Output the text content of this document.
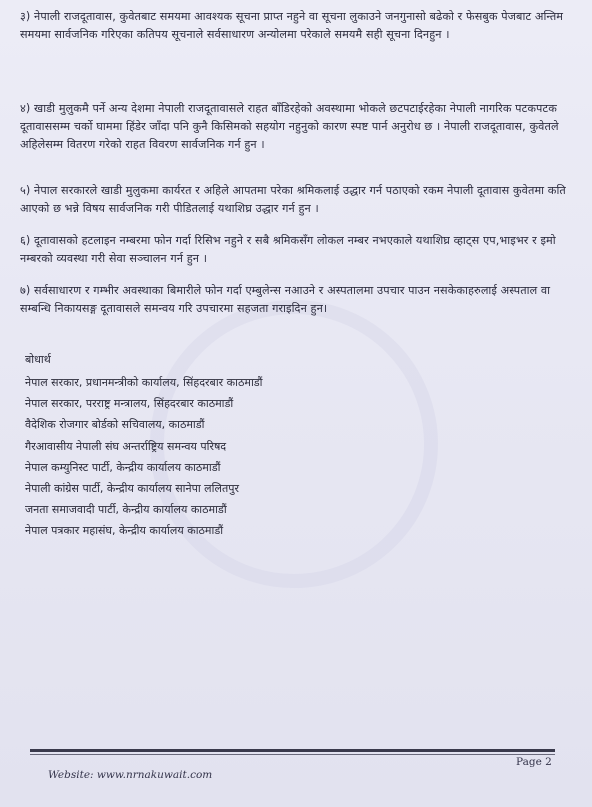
३) नेपाली राजदूतावास, कुवेतबाट समयमा आवश्यक सूचना प्राप्त नहुने वा सूचना लुकाउने जनगुनासो बढेको र फेसबुक पेजबाट अन्तिम समयमा सार्वजनिक गरिएका कतिपय सूचनाले सर्वसाधारण अन्योलमा परेकाले समयमै सही सूचना दिनहुन ।
४) खाडी मुलुकमै पर्ने अन्य देशमा नेपाली राजदूतावासले राहत बाँडिरहेको अवस्थामा भोकले छटपटाईरहेका नेपाली नागरिक पटकपटक दूतावाससम्म चर्को घाममा हिंडेर जाँदा पनि कुनै किसिमको सहयोग नहुनुको कारण स्पष्ट पार्न अनुरोध छ । नेपाली राजदूतावास, कुवेतले अहिलेसम्म वितरण गरेको राहत विवरण सार्वजनिक गर्न हुन ।
५) नेपाल सरकारले खाडी मुलुकमा कार्यरत र अहिले आपतमा परेका श्रमिकलाई उद्धार गर्न पठाएको रकम नेपाली दूतावास कुवेतमा कति आएको छ भन्ने विषय सार्वजनिक गरी पीडितलाई यथाशिघ्र उद्धार गर्न हुन ।
६) दूतावासको हटलाइन नम्बरमा फोन गर्दा रिसिभ नहुने र सबै श्रमिकसँग लोकल नम्बर नभएकाले यथाशिघ्र व्हाट्स एप,भाइभर र इमो नम्बरको व्यवस्था गरी सेवा सञ्चालन गर्न हुन ।
७) सर्वसाधारण र गम्भीर अवस्थाका बिमारीले फोन गर्दा एम्बुलेन्स नआउने र अस्पतालमा उपचार पाउन नसकेकाहरुलाई अस्पताल वा सम्बन्धि निकायसङ्ग दूतावासले समन्वय गरि उपचारमा सहजता गराइदिन हुन।
बोधार्थ
नेपाल सरकार, प्रधानमन्त्रीको कार्यालय, सिंहदरबार काठमाडौं
नेपाल सरकार, परराष्ट्र मन्त्रालय, सिंहदरबार काठमाडौं
वैदेशिक रोजगार बोर्डको सचिवालय, काठमाडौं
गैरआवासीय नेपाली संघ अन्तर्राष्ट्रिय समन्वय परिषद
नेपाल कम्युनिस्ट पार्टी, केन्द्रीय कार्यालय काठमाडौं
नेपाली कांग्रेस पार्टी, केन्द्रीय कार्यालय सानेपा ललितपुर
जनता समाजवादी पार्टी, केन्द्रीय कार्यालय काठमाडौं
नेपाल पत्रकार महासंघ, केन्द्रीय कार्यालय काठमाडौं
Website: www.nrnakuwait.com
Page 2
